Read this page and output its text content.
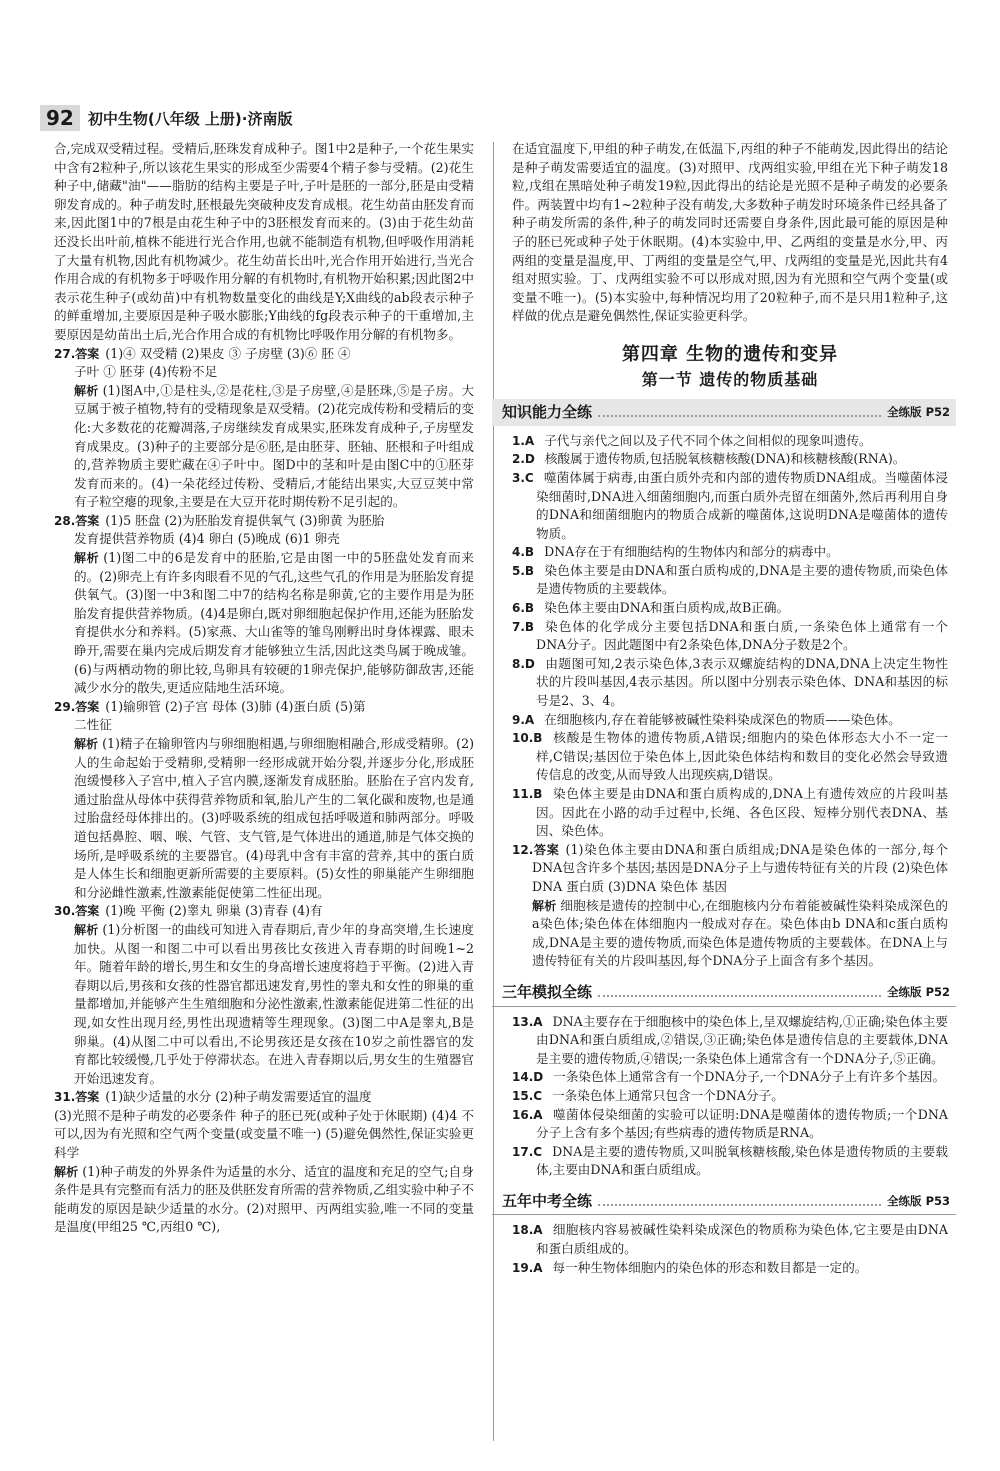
92 初中生物(八年级 上册)·济南版

合,完成双受精过程。受精后,胚珠发育成种子。图1中2是种子,一个花生果实中含有2粒种子,所以该花生果实的形成至少需要4个精子参与受精。(2)花生种子中,储藏"油"——脂肪的结构主要是子叶,子叶是胚的一部分,胚是由受精卵发育成的。种子萌发时,胚根最先突破种皮发育成根。花生幼苗由胚发育而来,因此图1中的7根是由花生种子中的3胚根发育而来的。(3)由于花生幼苗还没长出叶前,植株不能进行光合作用,也就不能制造有机物,但呼吸作用消耗了大量有机物,因此有机物减少。花生幼苗长出叶,光合作用开始进行,当光合作用合成的有机物多于呼吸作用分解的有机物时,有机物开始积累;因此图2中表示花生种子(或幼苗)中有机物数量变化的曲线是Y;X曲线的ab段表示种子的鲜重增加,主要原因是种子吸水膨胀;Y曲线的fg段表示种子的干重增加,主要原因是幼苗出土后,光合作用合成的有机物比呼吸作用分解的有机物多。

27.答案 (1)④ 双受精 (2)果皮 ③ 子房壁 (3)⑥ 胚 ④

子叶 ① 胚芽 (4)传粉不足

解析 (1)图A中,①是柱头,②是花柱,③是子房壁,④是胚珠,⑤是子房。大豆属于被子植物,特有的受精现象是双受精。(2)花完成传粉和受精后的变化:大多数花的花瓣凋落,子房继续发育成果实,胚珠发育成种子,子房壁发育成果皮。(3)种子的主要部分是⑥胚,是由胚芽、胚轴、胚根和子叶组成的,营养物质主要贮藏在④子叶中。图D中的茎和叶是由图C中的①胚芽发育而来的。(4)一朵花经过传粉、受精后,才能结出果实,大豆豆荚中常有子粒空瘪的现象,主要是在大豆开花时期传粉不足引起的。

28.答案 (1)5 胚盘 (2)为胚胎发育提供氧气 (3)卵黄 为胚胎

发育提供营养物质 (4)4 卵白 (5)晚成 (6)1 卵壳

解析 (1)图二中的6是发育中的胚胎,它是由图一中的5胚盘处发育而来的。(2)卵壳上有许多肉眼看不见的气孔,这些气孔的作用是为胚胎发育提供氧气。(3)图一中3和图二中7的结构名称是卵黄,它的主要作用是为胚胎发育提供营养物质。(4)4是卵白,既对卵细胞起保护作用,还能为胚胎发育提供水分和养料。(5)家燕、大山雀等的雏鸟刚孵出时身体裸露、眼未睁开,需要在巢内完成后期发育才能够独立生活,因此这类鸟属于晚成雏。(6)与两栖动物的卵比较,鸟卵具有较硬的1卵壳保护,能够防御敌害,还能减少水分的散失,更适应陆地生活环境。

29.答案 (1)输卵管 (2)子宫 母体 (3)肺 (4)蛋白质 (5)第

二性征

解析 (1)精子在输卵管内与卵细胞相遇,与卵细胞相融合,形成受精卵。(2)人的生命起始于受精卵,受精卵一经形成就开始分裂,并逐步分化,形成胚泡缓慢移入子宫中,植入子宫内膜,逐渐发育成胚胎。胚胎在子宫内发育,通过胎盘从母体中获得营养物质和氧,胎儿产生的二氧化碳和废物,也是通过胎盘经母体排出的。(3)呼吸系统的组成包括呼吸道和肺两部分。呼吸道包括鼻腔、咽、喉、气管、支气管,是气体进出的通道,肺是气体交换的场所,是呼吸系统的主要器官。(4)母乳中含有丰富的营养,其中的蛋白质是人体生长和细胞更新所需要的主要原料。(5)女性的卵巢能产生卵细胞和分泌雌性激素,性激素能促使第二性征出现。

30.答案 (1)晚 平衡 (2)睾丸 卵巢 (3)青春 (4)有

解析 (1)分析图一的曲线可知进入青春期后,青少年的身高突增,生长速度加快。从图一和图二中可以看出男孩比女孩进入青春期的时间晚1~2年。随着年龄的增长,男生和女生的身高增长速度将趋于平衡。(2)进入青春期以后,男孩和女孩的性器官都迅速发育,男性的睾丸和女性的卵巢的重量都增加,并能够产生生殖细胞和分泌性激素,性激素能促进第二性征的出现,如女性出现月经,男性出现遗精等生理现象。(3)图二中A是睾丸,B是卵巢。(4)从图二中可以看出,不论男孩还是女孩在10岁之前性器官的发育都比较缓慢,几乎处于停滞状态。在进入青春期以后,男女生的生殖器官开始迅速发育。

31.答案 (1)缺少适量的水分 (2)种子萌发需要适宜的温度

(3)光照不是种子萌发的必要条件 种子的胚已死(或种子处于休眠期) (4)4 不可以,因为有光照和空气两个变量(或变量不唯一) (5)避免偶然性,保证实验更科学

解析 (1)种子萌发的外界条件为适量的水分、适宜的温度和充足的空气;自身条件是具有完整而有活力的胚及供胚发育所需的营养物质,乙组实验中种子不能萌发的原因是缺少适量的水分。(2)对照甲、丙两组实验,唯一不同的变量是温度(甲组25 ℃,丙组0 ℃),

在适宜温度下,甲组的种子萌发,在低温下,丙组的种子不能萌发,因此得出的结论是种子萌发需要适宜的温度。(3)对照甲、戊两组实验,甲组在光下种子萌发18粒,戊组在黑暗处种子萌发19粒,因此得出的结论是光照不是种子萌发的必要条件。两装置中均有1~2粒种子没有萌发,大多数种子萌发时环境条件已经具备了种子萌发所需的条件,种子的萌发同时还需要自身条件,因此最可能的原因是种子的胚已死或种子处于休眠期。(4)本实验中,甲、乙两组的变量是水分,甲、丙两组的变量是温度,甲、丁两组的变量是空气,甲、戊两组的变量是光,因此共有4组对照实验。丁、戊两组实验不可以形成对照,因为有光照和空气两个变量(或变量不唯一)。(5)本实验中,每种情况均用了20粒种子,而不是只用1粒种子,这样做的优点是避免偶然性,保证实验更科学。

第四章 生物的遗传和变异
第一节 遗传的物质基础
知识能力全练	全练版 P52

1.A 子代与亲代之间以及子代不同个体之间相似的现象叫遗传。

2.D 核酸属于遗传物质,包括脱氧核糖核酸(DNA)和核糖核酸(RNA)。

3.C 噬菌体属于病毒,由蛋白质外壳和内部的遗传物质DNA组成。当噬菌体浸染细菌时,DNA进入细菌细胞内,而蛋白质外壳留在细菌外,然后再利用自身的DNA和细菌细胞内的物质合成新的噬菌体,这说明DNA是噬菌体的遗传物质。

4.B DNA存在于有细胞结构的生物体内和部分的病毒中。

5.B 染色体主要是由DNA和蛋白质构成的,DNA是主要的遗传物质,而染色体是遗传物质的主要载体。

6.B 染色体主要由DNA和蛋白质构成,故B正确。

7.B 染色体的化学成分主要包括DNA和蛋白质,一条染色体上通常有一个DNA分子。因此题图中有2条染色体,DNA分子数是2个。

8.D 由题图可知,2表示染色体,3表示双螺旋结构的DNA,DNA上决定生物性状的片段叫基因,4表示基因。所以图中分别表示染色体、DNA和基因的标号是2、3、4。

9.A 在细胞核内,存在着能够被碱性染料染成深色的物质——染色体。

10.B 核酸是生物体的遗传物质,A错误;细胞内的染色体形态大小不一定一样,C错误;基因位于染色体上,因此染色体结构和数目的变化必然会导致遗传信息的改变,从而导致人出现疾病,D错误。

11.B 染色体主要是由DNA和蛋白质构成的,DNA上有遗传效应的片段叫基因。因此在小路的动手过程中,长绳、各色区段、短棒分别代表DNA、基因、染色体。

12.答案 (1)染色体主要由DNA和蛋白质组成;DNA是染色体的一部分,每个DNA包含许多个基因;基因是DNA分子上与遗传特征有关的片段 (2)染色体 DNA 蛋白质 (3)DNA 染色体 基因

解析 细胞核是遗传的控制中心,在细胞核内分布着能被碱性染料染成深色的a染色体;染色体在体细胞内一般成对存在。染色体由b DNA和c蛋白质构成,DNA是主要的遗传物质,而染色体是遗传物质的主要载体。在DNA上与遗传特征有关的片段叫基因,每个DNA分子上面含有多个基因。

三年模拟全练	全练版 P52

13.A DNA主要存在于细胞核中的染色体上,呈双螺旋结构,①正确;染色体主要由DNA和蛋白质组成,②错误,③正确;染色体是遗传信息的主要载体,DNA是主要的遗传物质,④错误;一条染色体上通常含有一个DNA分子,⑤正确。

14.D 一条染色体上通常含有一个DNA分子,一个DNA分子上有许多个基因。

15.C 一条染色体上通常只包含一个DNA分子。

16.A 噬菌体侵染细菌的实验可以证明:DNA是噬菌体的遗传物质;一个DNA分子上含有多个基因;有些病毒的遗传物质是RNA。

17.C DNA是主要的遗传物质,又叫脱氧核糖核酸,染色体是遗传物质的主要载体,主要由DNA和蛋白质组成。

五年中考全练	全练版 P53

18.A 细胞核内容易被碱性染料染成深色的物质称为染色体,它主要是由DNA和蛋白质组成的。

19.A 每一种生物体细胞内的染色体的形态和数目都是一定的。
